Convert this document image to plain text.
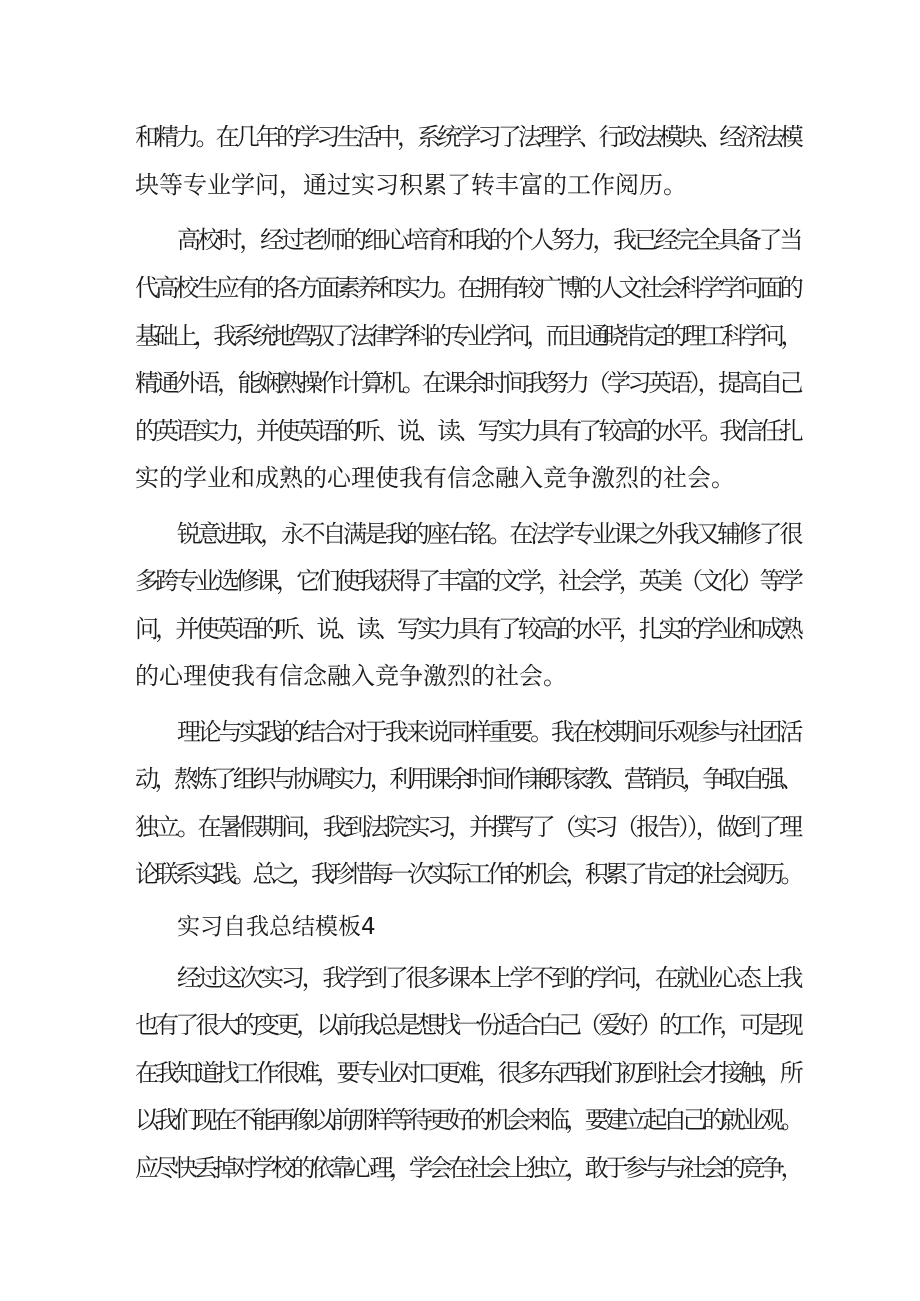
和精力。在几年的学习生活中，系统学习了法理学、行政法模块、经济法模
块等专业学问，通过实习积累了转丰富的工作阅历。
高校时，经过老师的细心培育和我的个人努力，我已经完全具备了当
代高校生应有的各方面素养和实力。在拥有较广博的人文社会科学学问面的
基础上，我系统地驾驭了法律学科的专业学问，而且通晓肯定的理工科学问，
精通外语，能娴熟操作计算机。在课余时间我努力（学习英语），提高自己
的英语实力，并使英语的听、说、读、写实力具有了较高的水平。我信任扎
实的学业和成熟的心理使我有信念融入竞争激烈的社会。
锐意进取，永不自满是我的座右铭。在法学专业课之外我又辅修了很
多跨专业选修课，它们使我获得了丰富的文学，社会学，英美（文化）等学
问，并使英语的听、说、读、写实力具有了较高的水平，扎实的学业和成熟
的心理使我有信念融入竞争激烈的社会。
理论与实践的结合对于我来说同样重要。我在校期间乐观参与社团活
动，熬炼了组织与协调实力，利用课余时间作兼职家教、营销员，争取自强、
独立。在暑假期间，我到法院实习，并撰写了（实习（报告）），做到了理
论联系实践。总之，我珍惜每一次实际工作的机会，积累了肯定的社会阅历。
实习自我总结模板4
经过这次实习，我学到了很多课本上学不到的学问，在就业心态上我
也有了很大的变更，以前我总是想找一份适合白己（爱好）的工作，可是现
在我知道找工作很难，要专业对口更难，很多东西我们初到社会才接触，所
以我们现在不能再像以前那样等待更好的机会来临，要建立起自己的就业观。
应尽快丢掉对学校的依靠心理，学会在社会上独立，敢于参与与社会的竞争，
